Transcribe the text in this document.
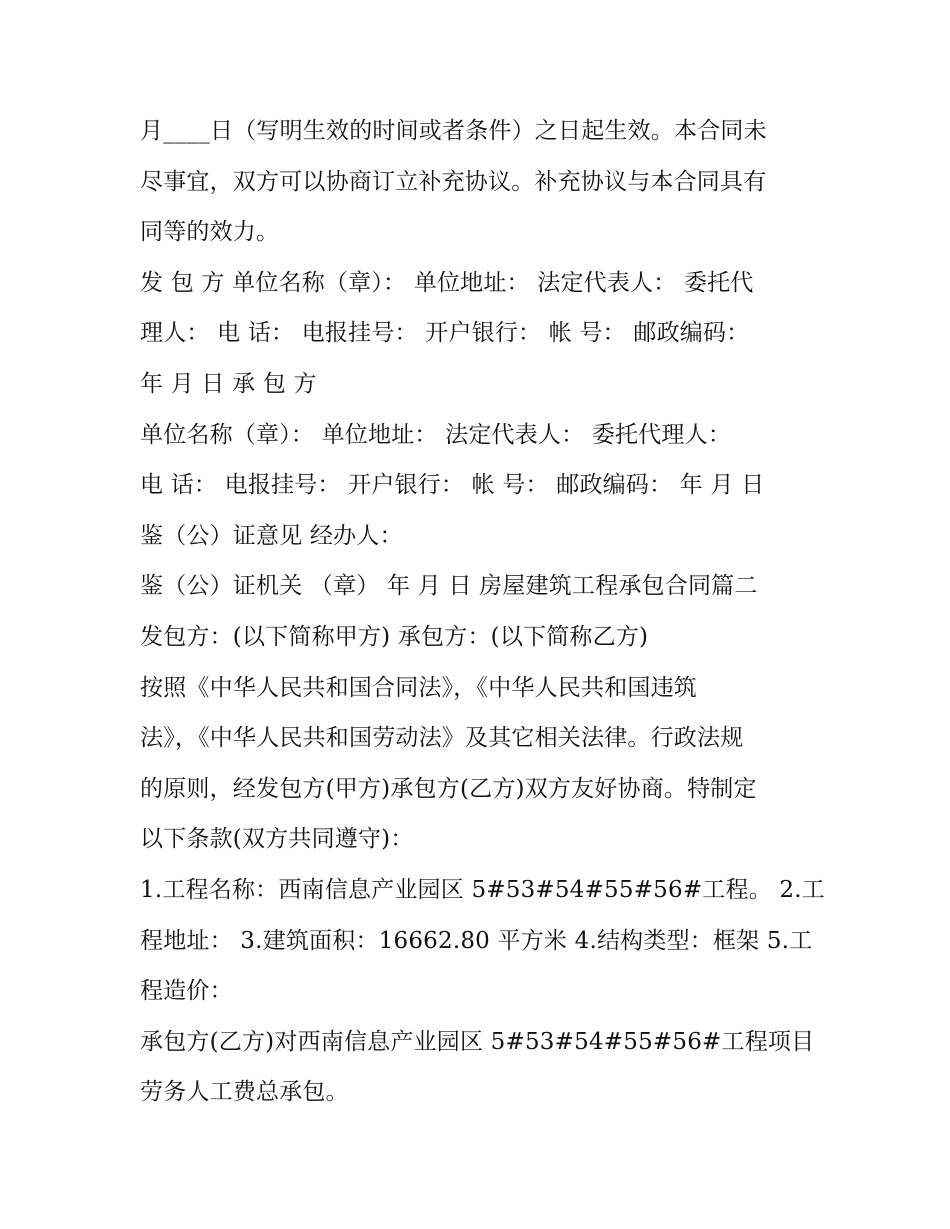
月____日（写明生效的时间或者条件）之日起生效。本合同未
尽事宜，双方可以协商订立补充协议。补充协议与本合同具有
同等的效力。
发 包 方 单位名称（章）： 单位地址： 法定代表人： 委托代
理人： 电 话： 电报挂号： 开户银行： 帐 号： 邮政编码：
年 月 日 承 包 方
单位名称（章）： 单位地址： 法定代表人： 委托代理人：
电 话： 电报挂号： 开户银行： 帐 号： 邮政编码： 年 月 日
鉴（公）证意见 经办人：
鉴（公）证机关 （章） 年 月 日 房屋建筑工程承包合同篇二
发包方：(以下简称甲方) 承包方：(以下简称乙方)
按照《中华人民共和国合同法》，《中华人民共和国违筑
法》，《中华人民共和国劳动法》及其它相关法律。行政法规
的原则，经发包方(甲方)承包方(乙方)双方友好协商。特制定
以下条款(双方共同遵守)：
1.工程名称：西南信息产业园区 5#53#54#55#56#工程。 2.工
程地址： 3.建筑面积：16662.80 平方米 4.结构类型：框架 5.工
程造价：
承包方(乙方)对西南信息产业园区 5#53#54#55#56#工程项目
劳务人工费总承包。
